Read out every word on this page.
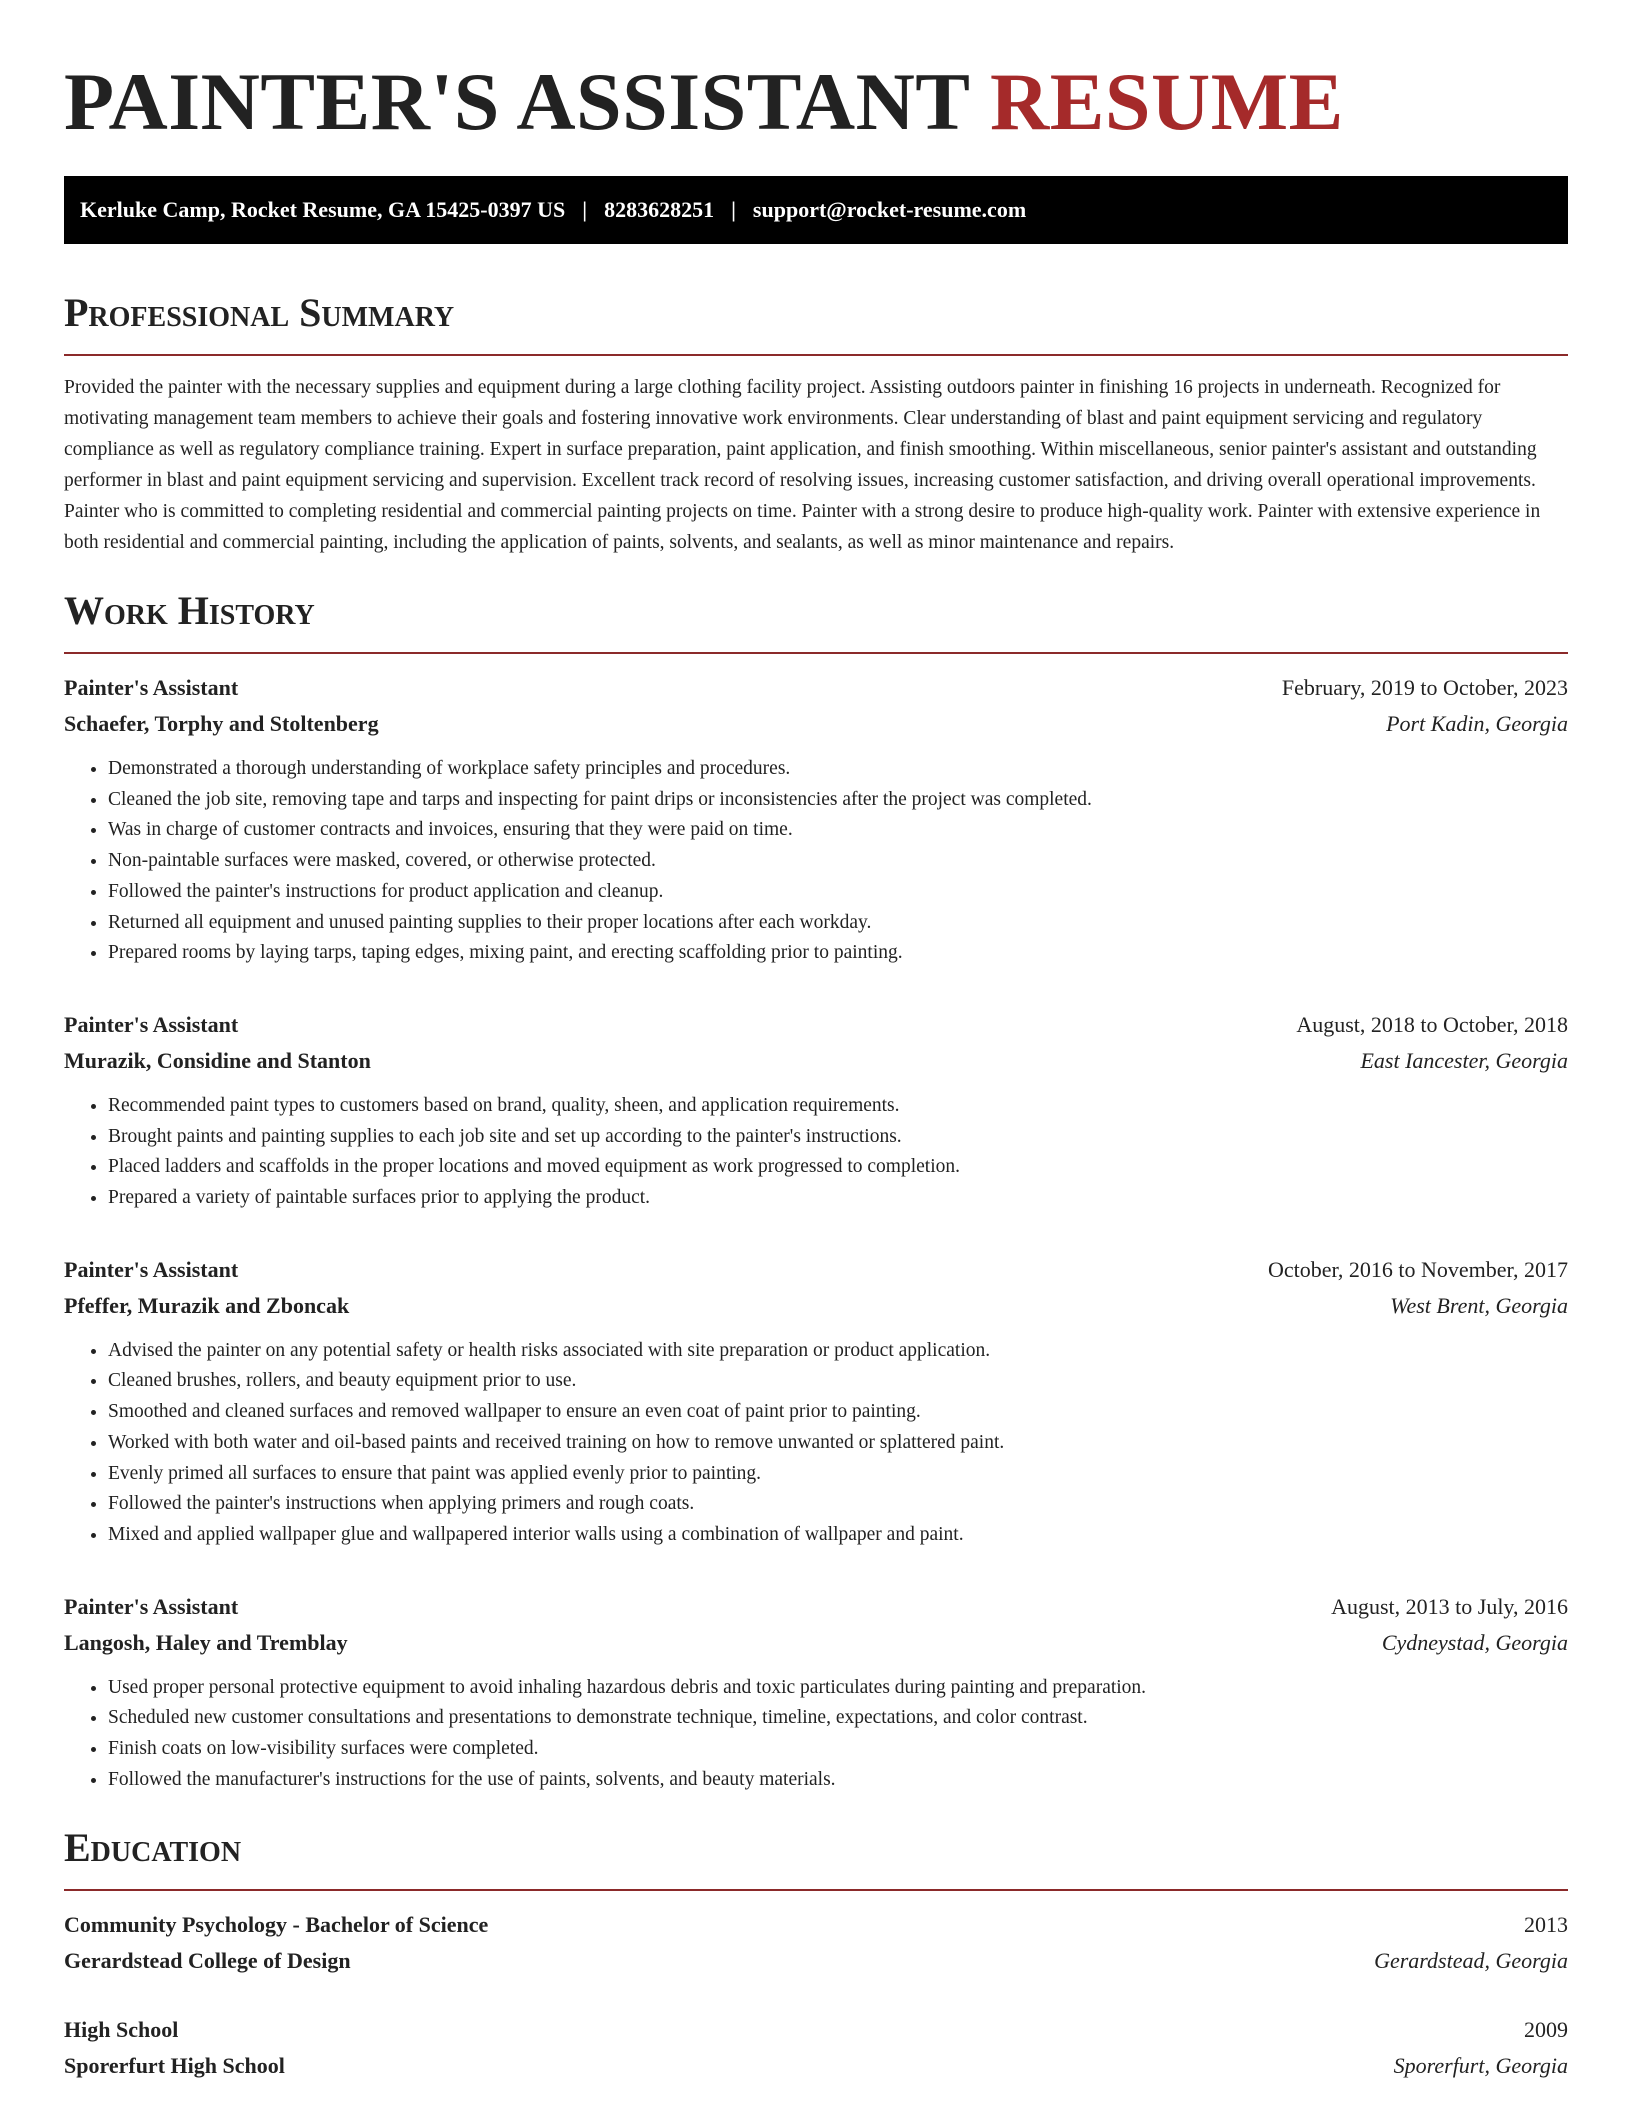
PAINTER'S ASSISTANT RESUME
Kerluke Camp, Rocket Resume, GA 15425-0397 US | 8283628251 | support@rocket-resume.com
Professional Summary

Provided the painter with the necessary supplies and equipment during a large clothing facility project. Assisting outdoors painter in finishing 16 projects in underneath. Recognized for motivating management team members to achieve their goals and fostering innovative work environments. Clear understanding of blast and paint equipment servicing and regulatory compliance as well as regulatory compliance training. Expert in surface preparation, paint application, and finish smoothing. Within miscellaneous, senior painter's assistant and outstanding performer in blast and paint equipment servicing and supervision. Excellent track record of resolving issues, increasing customer satisfaction, and driving overall operational improvements. Painter who is committed to completing residential and commercial painting projects on time. Painter with a strong desire to produce high-quality work. Painter with extensive experience in both residential and commercial painting, including the application of paints, solvents, and sealants, as well as minor maintenance and repairs.

Work History
Painter's Assistant	February, 2019 to October, 2023
Schaefer, Torphy and Stoltenberg	Port Kadin, Georgia
• Demonstrated a thorough understanding of workplace safety principles and procedures.
• Cleaned the job site, removing tape and tarps and inspecting for paint drips or inconsistencies after the project was completed.
• Was in charge of customer contracts and invoices, ensuring that they were paid on time.
• Non-paintable surfaces were masked, covered, or otherwise protected.
• Followed the painter's instructions for product application and cleanup.
• Returned all equipment and unused painting supplies to their proper locations after each workday.
• Prepared rooms by laying tarps, taping edges, mixing paint, and erecting scaffolding prior to painting.
Painter's Assistant	August, 2018 to October, 2018
Murazik, Considine and Stanton	East Iancester, Georgia
• Recommended paint types to customers based on brand, quality, sheen, and application requirements.
• Brought paints and painting supplies to each job site and set up according to the painter's instructions.
• Placed ladders and scaffolds in the proper locations and moved equipment as work progressed to completion.
• Prepared a variety of paintable surfaces prior to applying the product.
Painter's Assistant	October, 2016 to November, 2017
Pfeffer, Murazik and Zboncak	West Brent, Georgia
• Advised the painter on any potential safety or health risks associated with site preparation or product application.
• Cleaned brushes, rollers, and beauty equipment prior to use.
• Smoothed and cleaned surfaces and removed wallpaper to ensure an even coat of paint prior to painting.
• Worked with both water and oil-based paints and received training on how to remove unwanted or splattered paint.
• Evenly primed all surfaces to ensure that paint was applied evenly prior to painting.
• Followed the painter's instructions when applying primers and rough coats.
• Mixed and applied wallpaper glue and wallpapered interior walls using a combination of wallpaper and paint.
Painter's Assistant	August, 2013 to July, 2016
Langosh, Haley and Tremblay	Cydneystad, Georgia
• Used proper personal protective equipment to avoid inhaling hazardous debris and toxic particulates during painting and preparation.
• Scheduled new customer consultations and presentations to demonstrate technique, timeline, expectations, and color contrast.
• Finish coats on low-visibility surfaces were completed.
• Followed the manufacturer's instructions for the use of paints, solvents, and beauty materials.
Education
Community Psychology - Bachelor of Science	2013
Gerardstead College of Design	Gerardstead, Georgia
High School	2009
Sporerfurt High School	Sporerfurt, Georgia
